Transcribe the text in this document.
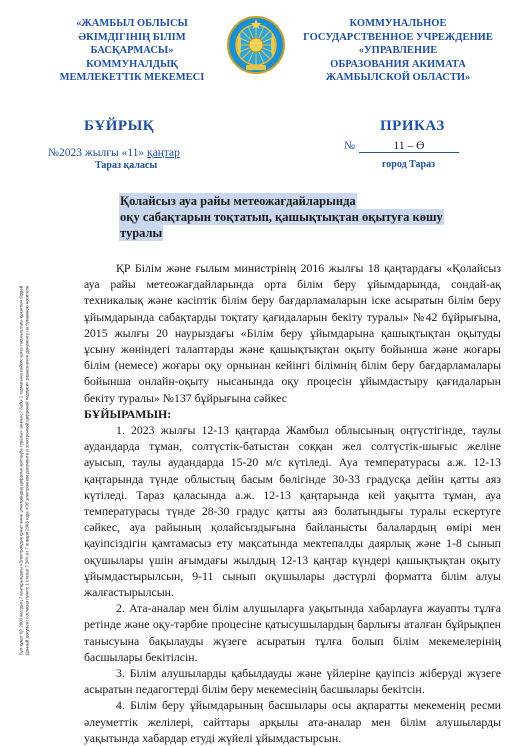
«ЖАМБЫЛ ОБЛЫСЫ
ӘКІМДІГІНІҢ БІЛІМ
БАСҚАРМАСЫ»
КОММУНАЛДЫҚ
МЕМЛЕКЕТТІК МЕКЕМЕСІ
КОММУНАЛЬНОЕ
ГОСУДАРСТВЕННОЕ УЧРЕЖДЕНИЕ
«УПРАВЛЕНИЕ
ОБРАЗОВАНИЯ АКИМАТА
ЖАМБЫЛСКОЙ ОБЛАСТИ»
БҰЙРЫҚ	ПРИКАЗ
№2023 жылғы «11» қаңтар
Тараз қаласы
№	11 – Ө
город Тараз
Қолайсыз ауа райы метеожағдайларында
оқу сабақтарын тоқтатып, қашықтықтан оқытуға көшу
туралы
Бұл құжат ҚР 2003 жылдың 7 қаңтарындағы «Электрондық құжат және электрондық цифрлық қолтаңба туралы» заңның 7 бабы 1 тармағына сәйкес қағаз тасығыштағы құжатпен бірдей Данный документ согласно пункту 1 статьи 7 ЗРК от 7 января 2003 года «Об электронном документе и электронной цифровой подписи» равнозначен документу на бумажном носителе

ҚР Білім және ғылым министрінің 2016 жылғы 18 қаңтардағы «Қолайсыз ауа райы метеожағдайларында орта білім беру ұйымдарында, сондай-ақ техникалық және кәсіптік білім беру бағдарламаларын іске асыратын білім беру ұйымдарында сабақтарды тоқтату қағидаларын бекіту туралы» №42 бұйрығына, 2015 жылғы 20 наурыздағы «Білім беру ұйымдарына қашықтықтан оқытуды ұсыну жөніндегі талаптарды және қашықтықтан оқыту бойынша және жоғары білім (немесе) жоғары оқу орнынан кейінгі білімнің білім беру бағдарламалары бойынша онлайн-оқыту нысанында оқу процесін ұйымдастыру қағидаларын бекіту туралы» №137 бұйрығына сәйкес

БҰЙЫРАМЫН:

1. 2023 жылғы 12-13 қаңтарда Жамбыл облысының оңтүстігінде, таулы аудандарда тұман, солтүстік-батыстан соққан жел солтүстік-шығыс желіне ауысып, таулы аудандарда 15-20 м/с күтіледі. Ауа температурасы а.ж. 12-13 қаңтарында түнде облыстың басым бөлігінде 30-33 градусқа дейін қатты аяз күтіледі. Тараз қаласында а.ж. 12-13 қаңтарында кей уақытта тұман, ауа температурасы түнде 28-30 градус қатты аяз болатындығы туралы ескертуге сәйкес, ауа райының қолайсыздығына байланысты балалардың өмірі мен қауіпсіздігін қамтамасыз ету мақсатында мектепалды даярлық және 1-8 сынып оқушылары үшін ағымдағы жылдың 12-13 қаңтар күндері қашықтықтан оқыту ұйымдастырылсын, 9-11 сынып оқушылары дәстүрлі форматта білім алуы жалғастырылсын.

2. Ата-аналар мен білім алушыларға уақытында хабарлауға жауапты тұлға ретінде және оқу-тәрбие процесіне қатысушылардың барлығы аталған бұйрықпен танысуына бақылауды жүзеге асыратын тұлға болып білім мекемелерінің басшылары бекітілсін.

3. Білім алушыларды қабылдауды және үйлеріне қауіпсіз жіберуді жүзеге асыратын педагогтерді білім беру мекемесінің басшылары бекітсін.

4. Білім беру ұйымдарының басшылары осы ақпаратты мекеменің ресми әлеуметтік желілері, сайттары арқылы ата-аналар мен білім алушыларды уақытында хабардар етуді жүйелі ұйымдастырсын.
